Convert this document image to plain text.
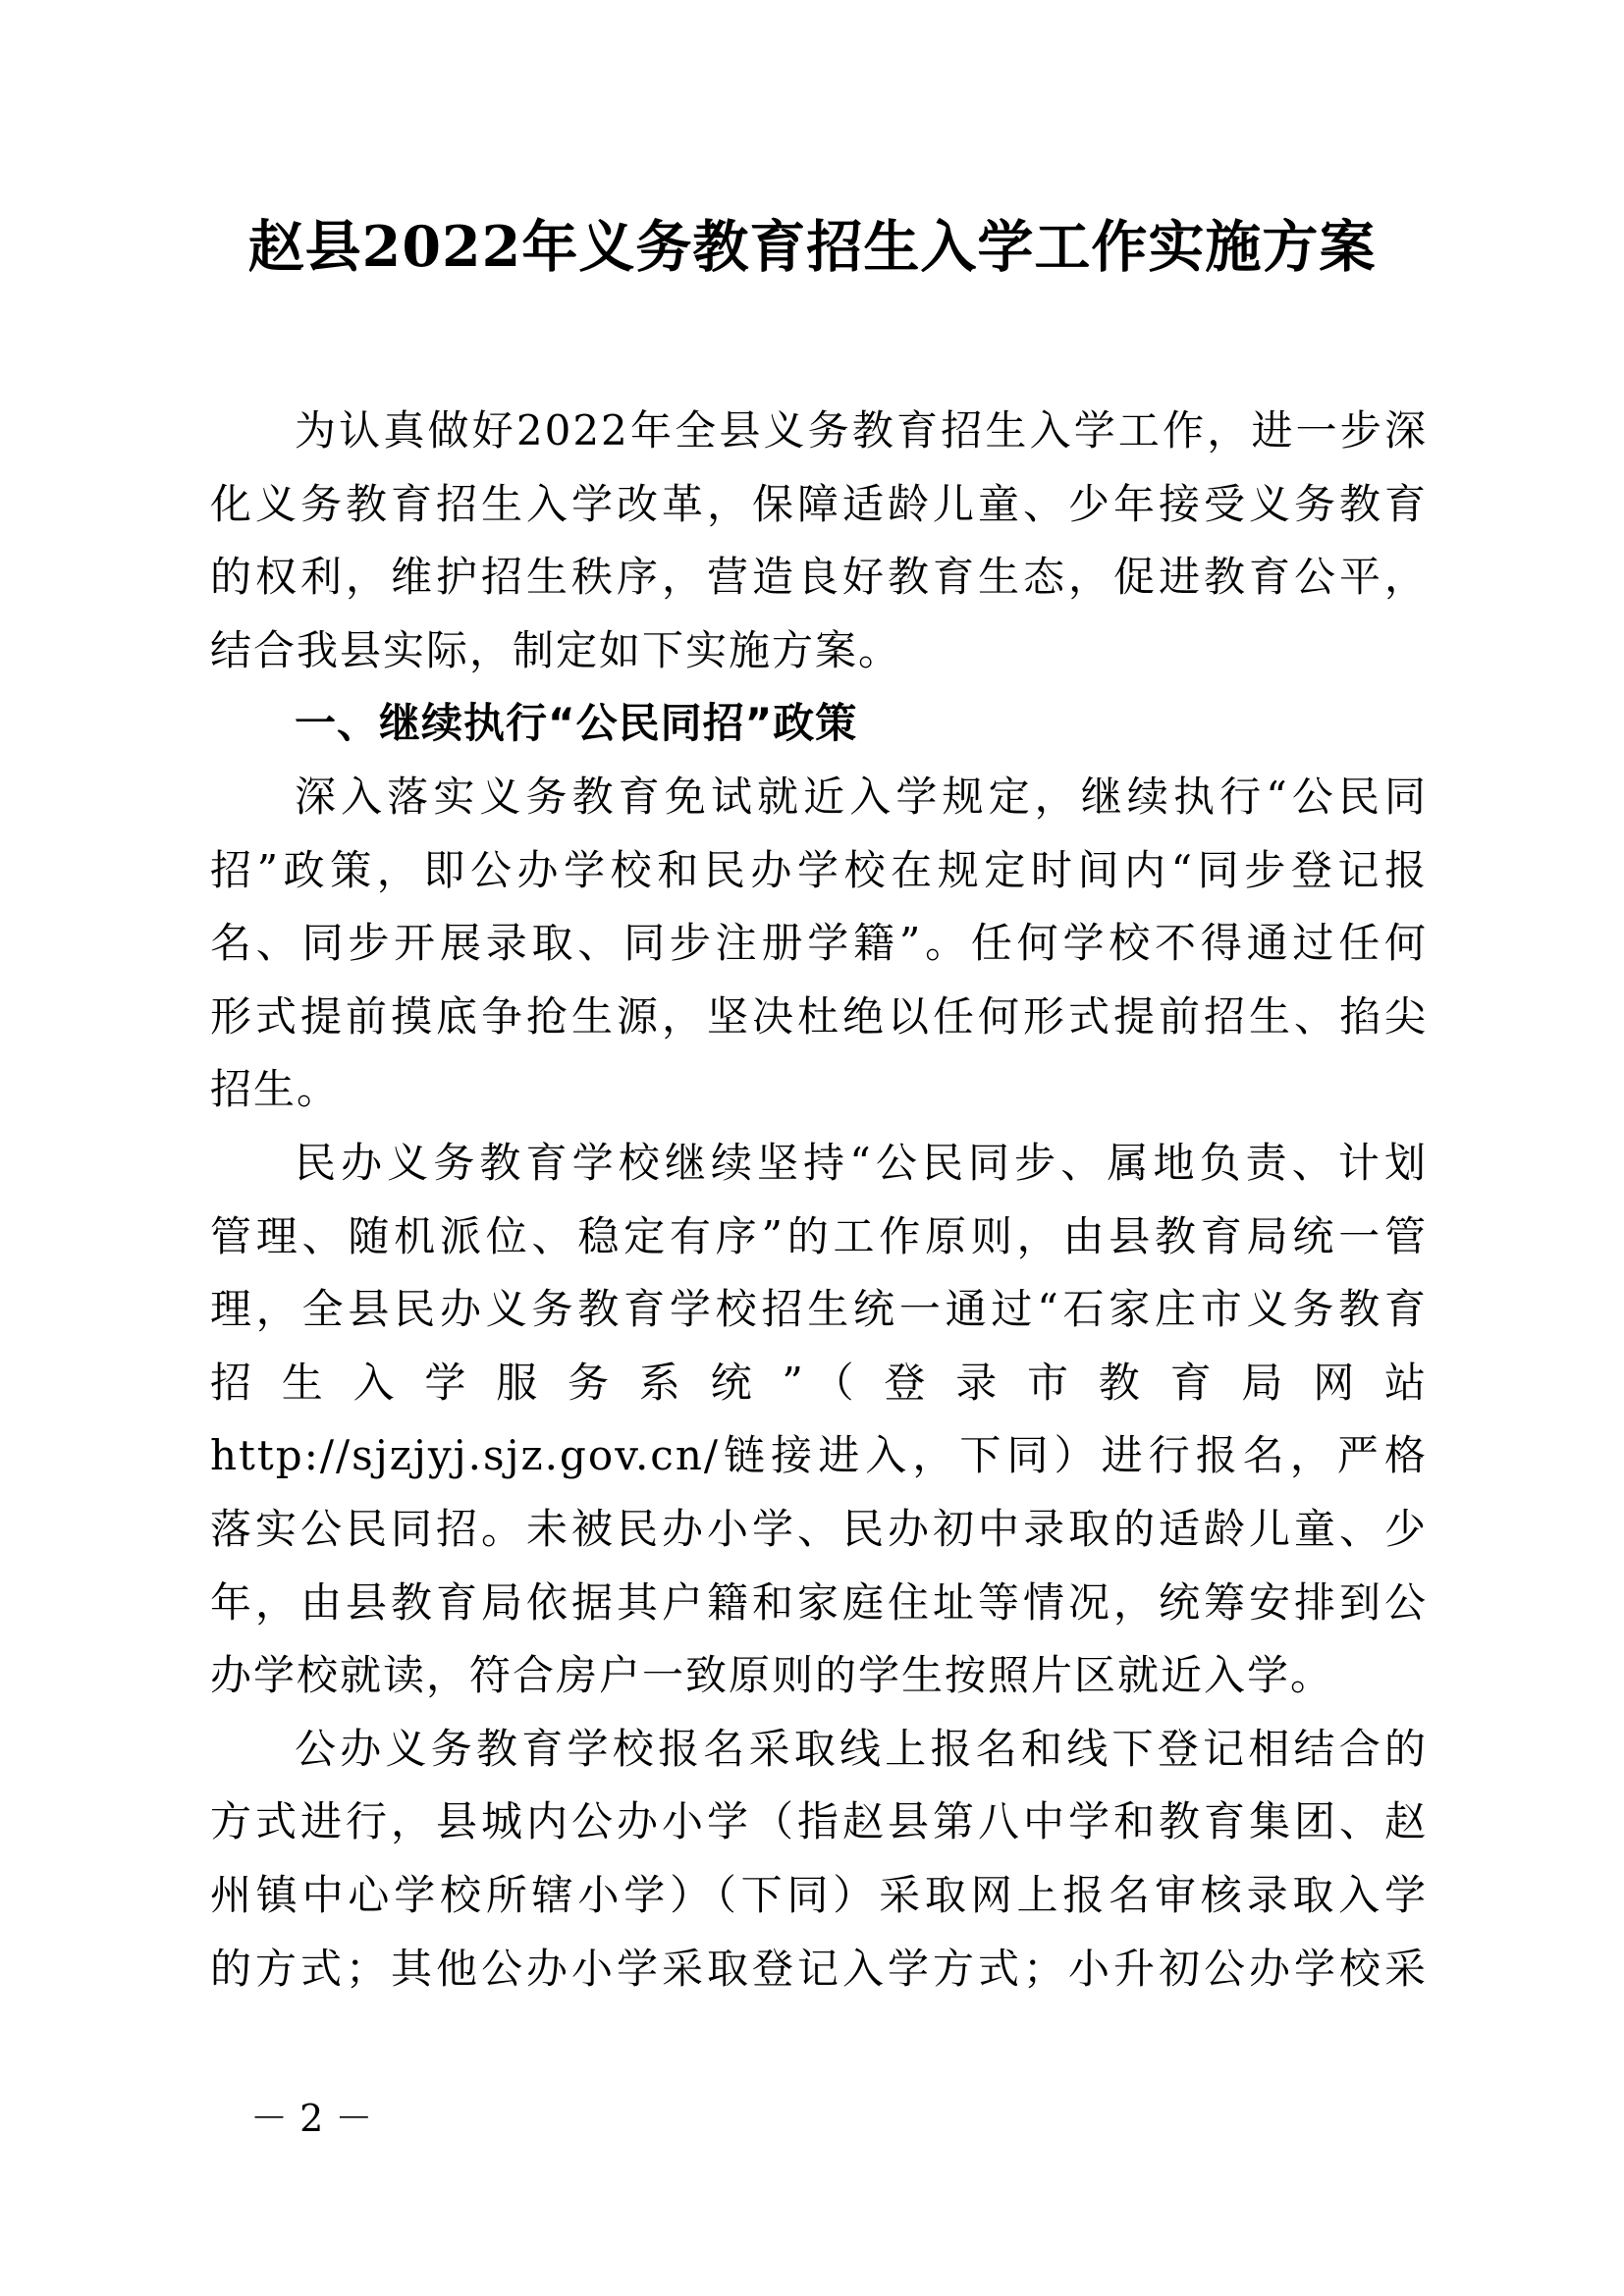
赵县2022年义务教育招生入学工作实施方案
为认真做好2022年全县义务教育招生入学工作，进一步深
化义务教育招生入学改革，保障适龄儿童、少年接受义务教育
的权利，维护招生秩序，营造良好教育生态，促进教育公平，
结合我县实际，制定如下实施方案。
一、继续执行“公民同招”政策
深入落实义务教育免试就近入学规定，继续执行“公民同
招”政策，即公办学校和民办学校在规定时间内“同步登记报
名、同步开展录取、同步注册学籍”。任何学校不得通过任何
形式提前摸底争抢生源，坚决杜绝以任何形式提前招生、掐尖
招生。
民办义务教育学校继续坚持“公民同步、属地负责、计划
管理、随机派位、稳定有序”的工作原则，由县教育局统一管
理，全县民办义务教育学校招生统一通过“石家庄市义务教育
招生入学服务系统”（登录市教育局网站
http://sjzjyj.sjz.gov.cn/链接进入，下同）进行报名，严格
落实公民同招。未被民办小学、民办初中录取的适龄儿童、少
年，由县教育局依据其户籍和家庭住址等情况，统筹安排到公
办学校就读，符合房户一致原则的学生按照片区就近入学。
公办义务教育学校报名采取线上报名和线下登记相结合的
方式进行，县城内公办小学（指赵县第八中学和教育集团、赵
州镇中心学校所辖小学）（下同）采取网上报名审核录取入学
的方式；其他公办小学采取登记入学方式；小升初公办学校采
－ 2 －
